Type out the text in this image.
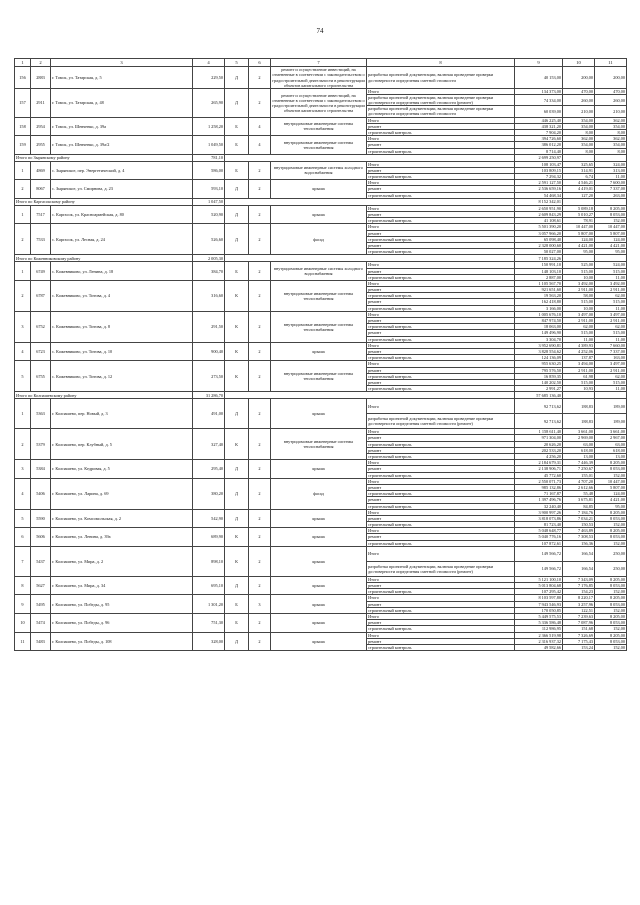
74
1	2	3	4	5	6	7	8	9	10	11
156	2883	г. Томск, ул. Татарская, д. 5	229,50	Д	2	ремонт и осуществление инвестиций, на отмененные в соответствии с законодательством о градостроительной деятельности в реконструкции объектов капитального строительства	разработка проектной документации, включая проведение проверки достоверности определения сметной стоимости	40 153,00	200,00	200,00
157	2911	г. Томск, ул. Татарская, д. 48	265,90	Д	2	ремонт и осуществление инвестиций, на отмененные в соответствии с законодательством о градостроительной деятельности в реконструкции объектов капитального строительства	Итого	134 373,00	470,00	470,00
							разработка проектной документации, включая проведение проверки достоверности определения сметной стоимости (ремонт)	74 334,00	260,00	260,00
							разработка проектной документации, включая проведение проверки достоверности определения сметной стоимости	60 039,00	210,00	210,00
158	2954	г. Томск, ул. Шевченко, д. 39а	1 258,20	Б	4	внутридомовые инженерные системы теплоснабжения	Итого	446 225,40	354,00	362,00
							ремонт	438 321,20	354,00	354,00
							строительный контроль	7 904,20	8,00	8,00
159	2955	г. Томск, ул. Шевченко, д. 39а/2	1 049,50	Б	4	внутридомовые инженерные системы теплоснабжения	Итого	394 726,60	362,00	362,00
							ремонт	386 012,20	354,00	354,00
							строительный контроль	8 714,40	8,00	8,00
Итого по Зырянскому району			781,10					2 699 250,97		
1	4869	с. Зырянское, пер. Энергетический, д. 4	586,00	Б	2	внутридомовые инженерные системы холодного водоснабжения	Итого	108 103,47	325,65	324,00
							ремонт	103 809,15	314,91	313,00
							строительный контроль	7 294,32	6,74	11,00
2	8067	с. Зырянское, ул. Смирнова, д. 23	593,10	Д	2	крыша	Итого	2 591 127,50	4 546,21	7 600,00
							ремонт	2 536 659,16	4 419,01	7 337,00
							строительный контроль	54 468,34	127,20	263,00
Итого по Каргасокскому району			1 047,50					8 152 342,01		
1	7517	с. Каргасок, ул. Красноармейская, д. 80	520,90	Д	2	крыша	Итого	2 650 951,90	5 089,18	8 205,00
							ремонт	2 609 843,29	5 010,27	8 053,00
							строительный контроль	41 108,61	78,91	152,00
2	7533	с. Каргасок, ул. Лесная, д. 24	526,60	Д	2	фасад	Итого	5 501 390,20	10 447,00	10 447,00
							ремонт	3 057 966,20	5 807,00	5 807,00
							строительный контроль	65 098,40	124,00	124,00
							ремонт	2 328 000,60	4 421,00	4 421,00
							строительный контроль	50 027,00	95,00	95,00
Итого по Кожевниковскому району			2 005,30					7 185 324,26		
1	6749	с. Кожевниково, ул. Ленина, д. 18	384,70	Б	2	внутридомовые инженерные системы холодного водоснабжения	Итого	150 991,10	525,00	524,00
							ремонт	148 103,10	515,00	515,00
							строительный контроль	2 887,00	10,00	11,00
2	6787	с. Кожевниково, ул. Титова, д. 4	316,60	К	2	внутридомовые инженерные системы теплоснабжения	Итого	1 105 567,70	3 492,00	3 492,00
							ремонт	921 651,60	2 911,00	2 911,00
							строительный контроль	19 563,20	58,00	62,00
							ремонт	162 418,80	515,00	515,00
							строительный контроль	3 166,00	10,00	11,00
3	6752	с. Кожевниково, ул. Титова, д. 8	291,50	К	2	внутридомовые инженерные системы теплоснабжения	Итого	1 005 676,10	3 497,00	3 497,00
							ремонт	847 974,50	2 911,00	2 911,00
							строительный контроль	18 063,00	62,00	62,00
							ремонт	149 496,90	515,00	515,00
							строительный контроль	3 304,70	11,00	11,00
4	6723	с. Кожевниково, ул. Титова, д. 10	900,40	К	2	крыша	Итого	3 952 690,81	4 389,93	7 660,00
							ремонт	3 828 554,62	4 252,06	7 337,00
							строительный контроль	124 136,09	137,87	163,00
5	6755	с. Кожевниково, ул. Титова, д. 12	273,50	К	2	внутридомовые инженерные системы теплоснабжения	Итого	955 630,25	3 494,00	3 497,00
							ремонт	795 576,50	2 911,00	2 911,00
							строительный контроль	16 859,35	61,98	62,00
							ремонт	140 202,50	515,00	515,00
							строительный контроль	2 991,27	10,93	11,00
Итого по Колпашевскому району			31 286,70					57 685 136,40		
1	5363	г. Колпашево, пер. Новый, д. 3	491,00	Д	2	крыша	Итого	92 713,62	188,83	189,00
							разработка проектной документации, включая проведение проверки достоверности определения сметной стоимости (ремонт)	92 713,62	188,83	189,00
2	5379	г. Колпашево, пер. Клубный, д. 5	327,40	К	2	внутридомовые инженерные системы теплоснабжения	Итого	1 158 611,40	3 661,00	3 661,00
							ремонт	971 304,00	2 969,00	2 967,00
							строительный контроль	20 626,20	63,00	63,00
							ремонт	202 533,20	618,00	618,00
							строительный контроль	4 256,20	13,00	13,00
3	5384	г. Колпашево, ул. Кедровая, д. 5	295,40	Д	2	крыша	Итого	2 184 679,31	7 446,39	8 205,00
							ремонт	2 138 906,71	7 250,67	8 053,00
							строительный контроль	45 772,60	155,01	152,00
4	5406	г. Колпашево, ул. Ларина, д. 69	380,20	Д	2	фасад	Итого	2 550 071,73	4 707,20	10 447,00
							ремонт	985 132,86	2 612,66	5 807,00
							строительный контроль	71 167,87	55,48	124,00
							ремонт	1 397 496,76	3 675,81	4 421,00
							строительный контроль	32 240,40	84,85	95,00
5	5590	г. Колпашево, ул. Комсомольская, д. 2	542,90	Д	2	крыша	Итого	3 900 997,26	7 184,76	8 205,00
							ремонт	3 818 073,86	7 034,21	8 053,00
							строительный контроль	81 723,40	150,53	152,00
6	5606	г. Колпашево, ул. Ленина, д. 39а	689,90	К	2	крыша	Итого	5 048 648,77	7 463,89	8 205,00
							ремонт	5 040 776,16	7 308,53	8 053,00
							строительный контроль	107 872,61	156,36	152,00
7	5437	г. Колпашево, ул. Мира, д. 2	898,10	К	2	крыша	Итого	149 566,72	166,54	250,00
							разработка проектной документации, включая проведение проверки достоверности определения сметной стоимости (ремонт)	149 566,72	166,54	250,00
8	5627	г. Колпашево, ул. Мира, д. 34	695,10	Д	2	крыша	Итого	5 121 100,10	7 343,09	8 205,00
							ремонт	5 013 804,68	7 176,85	8 053,00
							строительный контроль	107 295,42	154,23	152,00
9	5495	г. Колпашево, ул. Победы, д. 95	1 301,20	Б	3	крыша	Итого	8 103 597,80	8 220,17	8 205,00
							ремонт	7 943 546,93	3 257,96	8 053,00
							строительный контроль	170 050,85	122,51	152,00
10	5474	г. Колпашево, ул. Победы, д. 96	751,30	Б	2	крыша	Итого	5 449 575,53	7 239,63	8 205,00
							ремонт	5 336 586,48	7 087,96	8 053,00
							строительный контроль	112 986,95	151,68	152,00
11	5483	г. Колпашево, ул. Победы, д. 108	328,00	Д	2	крыша	Итого	2 366 519,98	7 326,69	8 205,00
							ремонт	2 316 937,32	7 175,43	8 053,00
							строительный контроль	49 582,66	153,24	152,00
